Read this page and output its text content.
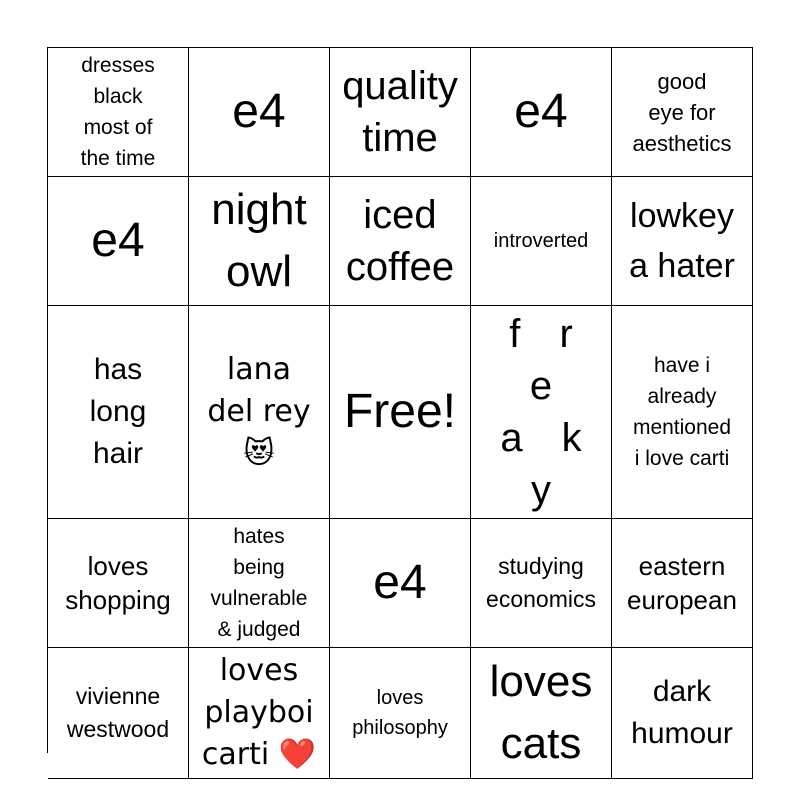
dresses
black
most of
the time
e4 quality
time	e4
good
eye for
aesthetics
e4
night
owl
iced
coffee
introverted
lowkey
a hater
has
long
hair
lana
del rey
😻
Free!
f r e
a k y
have i
already
mentioned
i love carti
loves
shopping
hates
being
vulnerable
& judged
e4	studying
economics
eastern
european
vivienne
westwood
loves
playboi
carti ❤️
loves
philosophy
loves
cats
dark
humour
